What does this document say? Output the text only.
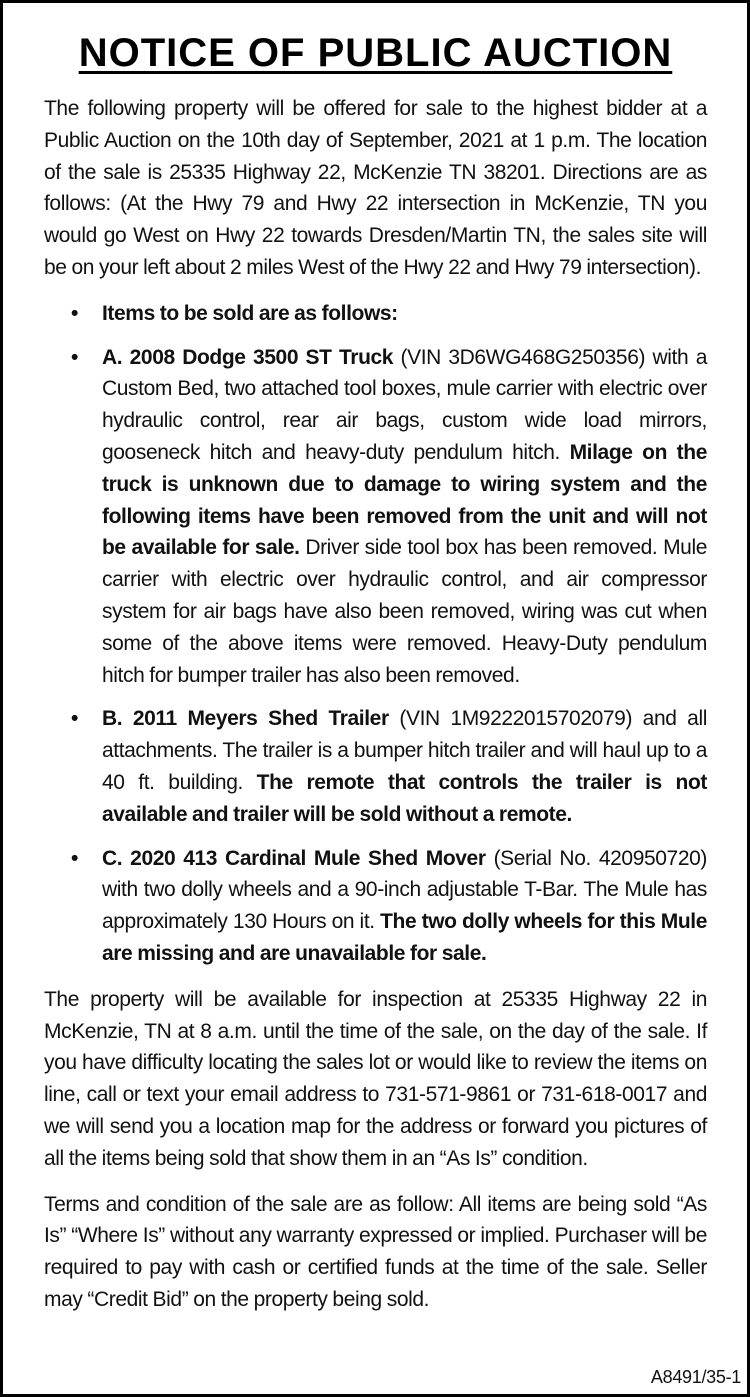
NOTICE OF PUBLIC AUCTION

The following property will be offered for sale to the highest bidder at a Public Auction on the 10th day of September, 2021 at 1 p.m. The location of the sale is 25335 Highway 22, McKenzie TN 38201. Directions are as follows: (At the Hwy 79 and Hwy 22 intersection in McKenzie, TN you would go West on Hwy 22 towards Dresden/Martin TN, the sales site will be on your left about 2 miles West of the Hwy 22 and Hwy 79 intersection).

• Items to be sold are as follows:
• A. 2008 Dodge 3500 ST Truck (VIN 3D6WG468G250356) with a Custom Bed, two attached tool boxes, mule carrier with electric over hydraulic control, rear air bags, custom wide load mirrors, gooseneck hitch and heavy-duty pendulum hitch. Milage on the truck is unknown due to damage to wiring system and the following items have been removed from the unit and will not be available for sale. Driver side tool box has been removed. Mule carrier with electric over hydraulic control, and air compressor system for air bags have also been removed, wiring was cut when some of the above items were removed. Heavy-Duty pendulum hitch for bumper trailer has also been removed.
• B. 2011 Meyers Shed Trailer (VIN 1M9222015702079) and all attachments. The trailer is a bumper hitch trailer and will haul up to a 40 ft. building. The remote that controls the trailer is not available and trailer will be sold without a remote.
• C. 2020 413 Cardinal Mule Shed Mover (Serial No. 420950720) with two dolly wheels and a 90-inch adjustable T-Bar. The Mule has approximately 130 Hours on it. The two dolly wheels for this Mule are missing and are unavailable for sale.

The property will be available for inspection at 25335 Highway 22 in McKenzie, TN at 8 a.m. until the time of the sale, on the day of the sale. If you have difficulty locating the sales lot or would like to review the items on line, call or text your email address to 731-571-9861 or 731-618-0017 and we will send you a location map for the address or forward you pictures of all the items being sold that show them in an “As Is” condition.

Terms and condition of the sale are as follow: All items are being sold “As Is” “Where Is” without any warranty expressed or implied. Purchaser will be required to pay with cash or certified funds at the time of the sale. Seller may “Credit Bid” on the property being sold.

A8491/35-1
